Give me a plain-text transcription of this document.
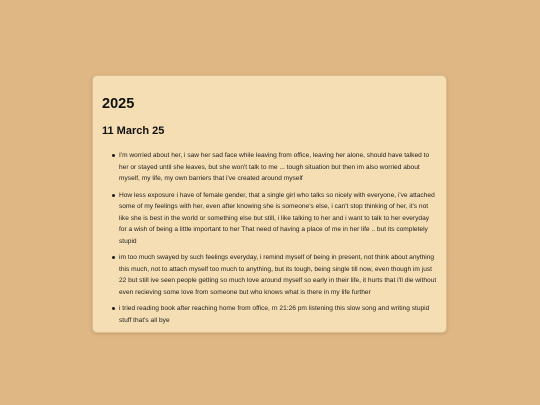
2025
11 March 25
I'm worried about her, i saw her sad face while leaving from office, leaving her alone, should have talked to her or stayed until she leaves, but she won't talk to me ... tough situation but then im also worried about myself, my life, my own barriers that i've created around myself
How less exposure i have of female gender, that a single girl who talks so nicely with everyone, i've attached some of my feelings with her, even after knowing she is someone's else, i can't stop thinking of her, it's not like she is best in the world or something else but still, i like talking to her and i want to talk to her everyday for a wish of being a little important to her That need of having a place of me in her life .. but its completely stupid
im too much swayed by such feelings everyday, i remind myself of being in present, not think about anything this much, not to attach myself too much to anything, but its tough, being single till now, even though im just 22 but still ive seen people getting so much love around myself so early in their life, it hurts that i'll die without even recieving some love from someone but who knows what is there in my life further
i tried reading book after reaching home from office, rn 21:26 pm listening this slow song and writing stupid stuff that's all bye
